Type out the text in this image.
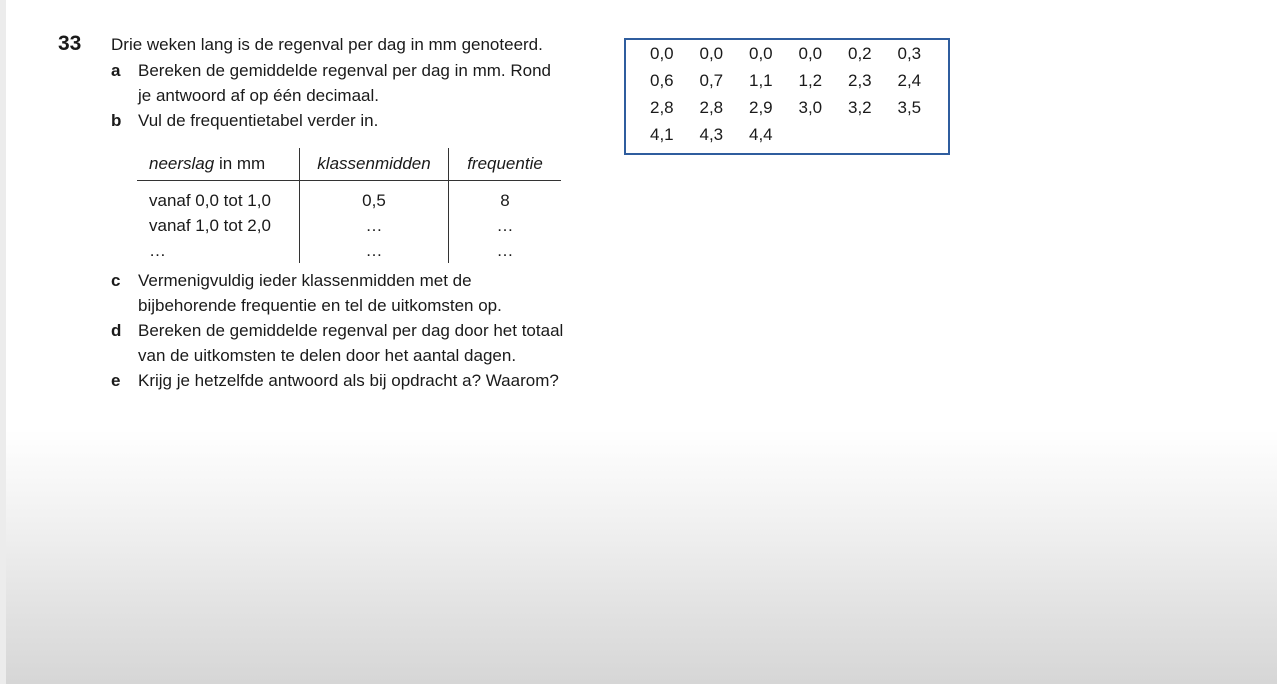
33 Drie weken lang is de regenval per dag in mm genoteerd.
a Bereken de gemiddelde regenval per dag in mm. Rond
je antwoord af op één decimaal.
b Vul de frequentietabel verder in.
neerslag in mm	klassenmidden	frequentie
vanaf 0,0 tot 1,0	0,5	8
vanaf 1,0 tot 2,0	…	…
…	…	…
c Vermenigvuldig ieder klassenmidden met de
bijbehorende frequentie en tel de uitkomsten op.
d Bereken de gemiddelde regenval per dag door het totaal
van de uitkomsten te delen door het aantal dagen.
e Krijg je hetzelfde antwoord als bij opdracht a? Waarom?
0,0 0,0 0,0 0,0 0,2 0,3
0,6 0,7 1,1 1,2 2,3 2,4
2,8 2,8 2,9 3,0 3,2 3,5
4,1 4,3 4,4
